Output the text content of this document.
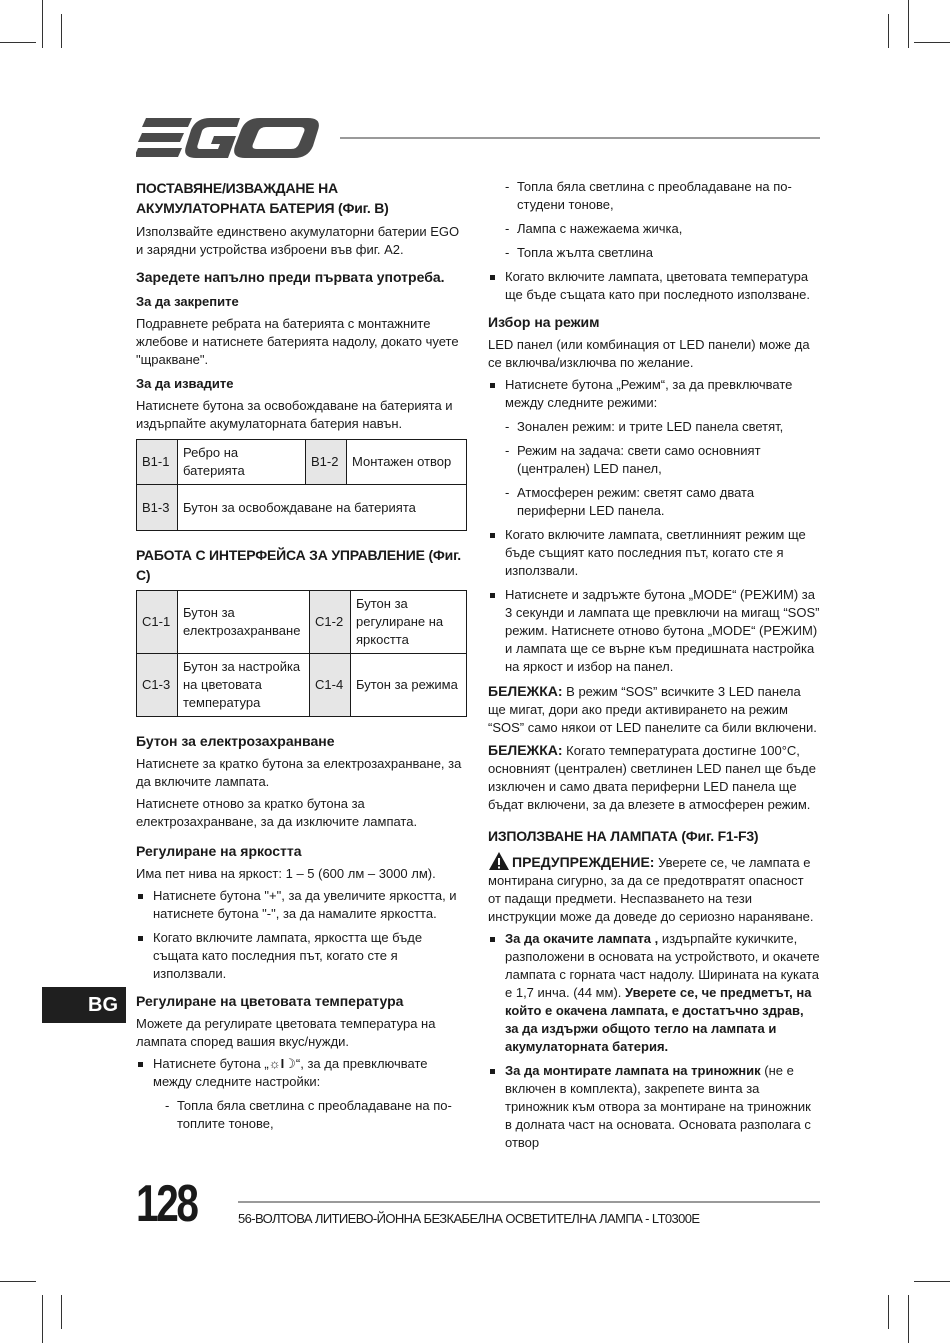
ПОСТАВЯНЕ/ИЗВАЖДАНЕ НА АКУМУЛАТОРНАТА БАТЕРИЯ (Фиг. B)

Използвайте единствено акумулаторни батерии EGO и зарядни устройства изброени във фиг. A2.

Заредете напълно преди първата употреба.
За да закрепите

Подравнете ребрата на батерията с монтажните жлебове и натиснете батерията надолу, докато чуете "щракване".

За да извадите

Натиснете бутона за освобождаване на батерията и издърпайте акумулаторната батерия навън.

B1-1	Ребро на батерията	B1-2	Монтажен отвор
B1-3	Бутон за освобождаване на батерията		
РАБОТА С ИНТЕРФЕЙСА ЗА УПРАВЛЕНИЕ (Фиг. C)
C1-1	Бутон за електрозахранване	C1-2	Бутон за регулиране на яркостта
C1-3	Бутон за настройка на цветовата температура	C1-4	Бутон за режима
Бутон за електрозахранване

Натиснете за кратко бутона за електрозахранване, за да включите лампата.

Натиснете отново за кратко бутона за електрозахранване, за да изключите лампата.

Регулиране на яркостта

Има пет нива на яркост: 1 – 5 (600 лм – 3000 лм).

Натиснете бутона "+", за да увеличите яркостта, и натиснете бутона "-", за да намалите яркостта.
Когато включите лампата, яркостта ще бъде същата като последния път, когато сте я използвали.
Регулиране на цветовата температура

Можете да регулирате цветовата температура на лампата според вашия вкус/нужди.

Натиснете бутона „☼I☽“, за да превключвате между следните настройки:
- Топла бяла светлина с преобладаване на по-топлите тонове,
- Топла бяла светлина с преобладаване на по-студени тонове,
- Лампа с нажежаема жичка,
- Топла жълта светлина
Когато включите лампата, цветовата температура ще бъде същата като при последното използване.
Избор на режим

LED панел (или комбинация от LED панели) може да се включва/изключва по желание.

Натиснете бутона „Режим“, за да превключвате между следните режими:
- Зонален режим: и трите LED панела светят,
- Режим на задача: свети само основният (централен) LED панел,
- Атмосферен режим: светят само двата периферни LED панела.
Когато включите лампата, светлинният режим ще бъде същият като последния път, когато сте я използвали.
Натиснете и задръжте бутона „MODE“ (РЕЖИМ) за 3 секунди и лампата ще превключи на мигащ “SOS” режим. Натиснете отново бутона „MODE“ (РЕЖИМ) и лампата ще се върне към предишната настройка на яркост и избор на панел.

БЕЛЕЖКА: В режим “SOS” всичките 3 LED панела ще мигат, дори ако преди активирането на режим “SOS” само някои от LED панелите са били включени.

БЕЛЕЖКА: Когато температурата достигне 100°C, основният (централен) светлинен LED панел ще бъде изключен и само двата периферни LED панела ще бъдат включени, за да влезете в атмосферен режим.

ИЗПОЛЗВАНЕ НА ЛАМПАТА (Фиг. F1-F3)

ПРЕДУПРЕЖДЕНИЕ: Уверете се, че лампата е монтирана сигурно, за да се предотвратят опасност от падащи предмети. Неспазването на тези инструкции може да доведе до сериозно нараняване.

За да окачите лампата , издърпайте кукичките, разположени в основата на устройството, и окачете лампата с горната част надолу. Ширината на куката е 1,7 инча. (44 мм). Уверете се, че предметът, на който е окачена лампата, е достатъчно здрав, за да издържи общото тегло на лампата и акумулаторната батерия.
За да монтирате лампата на триножник (не е включен в комплекта), закрепете винта за триножник към отвора за монтиране на триножник в долната част на основата. Основата разполага с отвор
BG
128	56-ВОЛТОВА ЛИТИЕВО-ЙОННА БЕЗКАБЕЛНА ОСВЕТИТЕЛНА ЛАМПА - LT0300E
